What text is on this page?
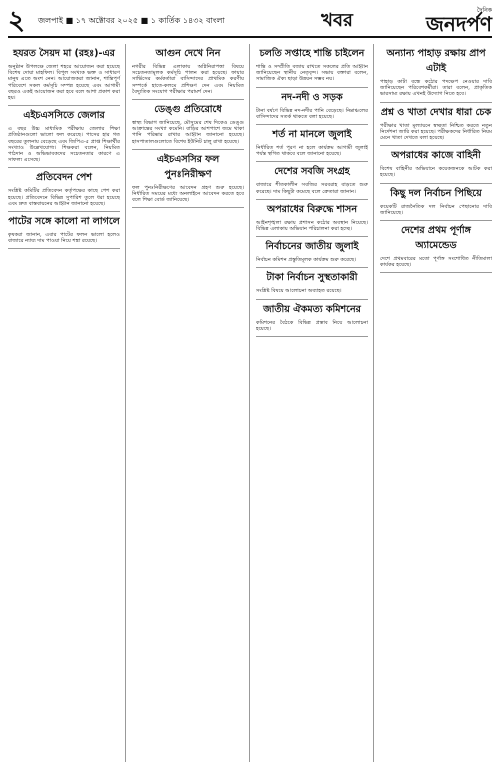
২	জলপাই ■ ১৭ অক্টোবর ২০২৫ ■ ১ কার্তিক ১৪৩২ বাংলা	খবর	দৈনিক
জনদর্পণ
হযরত সৈয়দ মা (রহঃ)-এর

অনুষ্ঠান উপলক্ষে জেলা শহরে আয়োজন করা হয়েছে বিশেষ দোয়া মাহফিল। বিপুল সংখ্যক ভক্ত ও সাধারণ মানুষ এতে অংশ নেন। আয়োজকরা জানান, শান্তিপূর্ণ পরিবেশে সকল কর্মসূচি সম্পন্ন হয়েছে এবং আগামী বছরও একই আয়োজন করা হবে বলে আশা প্রকাশ করা হয়।

এইচএসসিতে জেলার

এ বছর উচ্চ মাধ্যমিক পরীক্ষায় জেলার শিক্ষা প্রতিষ্ঠানগুলো ভালো ফল করেছে। পাসের হার গত বছরের তুলনায় বেড়েছে এবং জিপিএ-৫ প্রাপ্ত শিক্ষার্থীর সংখ্যাও উল্লেখযোগ্য। শিক্ষকরা বলেন, নিয়মিত পাঠদান ও অভিভাবকদের সচেতনতার কারণে এ সাফল্য এসেছে।

প্রতিবেদন পেশ

সংশ্লিষ্ট কমিটির প্রতিবেদন কর্তৃপক্ষের কাছে পেশ করা হয়েছে। প্রতিবেদনে বিভিন্ন সুপারিশ তুলে ধরা হয়েছে এবং দ্রুত বাস্তবায়নের আহ্বান জানানো হয়েছে।

পাটের সঙ্গে কালো না লাগলে

কৃষকরা জানান, এবার পাটের ফলন ভালো হলেও বাজারে ন্যায্য দাম পাওয়া নিয়ে শঙ্কা রয়েছে।

আগুন দেখে নিন

নগরীর বিভিন্ন এলাকায় অগ্নিনিরাপত্তা বিষয়ে সচেতনতামূলক কর্মসূচি পালন করা হয়েছে। ফায়ার সার্ভিসের কর্মকর্তারা বাসিন্দাদের প্রাথমিক করণীয় সম্পর্কে হাতে-কলমে প্রশিক্ষণ দেন এবং নিয়মিত বৈদ্যুতিক সংযোগ পরীক্ষার পরামর্শ দেন।

ডেঙ্গু প্রতিরোধে

স্বাস্থ্য বিভাগ জানিয়েছে, মৌসুমের শেষ দিকেও ডেঙ্গু আক্রান্তের সংখ্যা কমেনি। বাড়ির আশপাশে জমে থাকা পানি পরিষ্কার রাখার আহ্বান জানানো হয়েছে। হাসপাতালগুলোতে বিশেষ ইউনিট চালু রাখা হয়েছে।

এইচএসসির ফল পুনঃনিরীক্ষণ

ফল পুনঃনিরীক্ষণের আবেদন গ্রহণ শুরু হয়েছে। নির্ধারিত সময়ের মধ্যে অনলাইনে আবেদন করতে হবে বলে শিক্ষা বোর্ড জানিয়েছে।

চলতি সপ্তাহে শান্তি চাইলেন

শান্তি ও সম্প্রীতি বজায় রাখতে সকলের প্রতি আহ্বান জানিয়েছেন স্থানীয় নেতৃবৃন্দ। সভায় বক্তারা বলেন, সামাজিক ঐক্য ছাড়া উন্নয়ন সম্ভব নয়।

নদ-নদী ও সড়ক

টানা বর্ষণে বিভিন্ন নদ-নদীর পানি বেড়েছে। নিম্নাঞ্চলের বাসিন্দাদের সতর্ক থাকতে বলা হয়েছে।

শর্ত না মানলে জুলাই

নির্ধারিত শর্ত পূরণ না হলে কার্যক্রম আগামী জুলাই পর্যন্ত স্থগিত থাকবে বলে জানানো হয়েছে।

দেশের সবজি সংগ্রহ

বাজারে শীতকালীন সবজির সরবরাহ বাড়তে শুরু করেছে। দাম কিছুটা কমেছে বলে ক্রেতারা জানান।

অপরাধের বিরুদ্ধে শাসন

আইনশৃঙ্খলা রক্ষায় প্রশাসন কঠোর অবস্থান নিয়েছে। বিভিন্ন এলাকায় অভিযান পরিচালনা করা হচ্ছে।

নির্বাচনের জাতীয় জুলাই

নির্বাচন কমিশন প্রস্তুতিমূলক কার্যক্রম শুরু করেছে।

টাকা নির্বাচন সুস্থতাকারী

সংশ্লিষ্ট বিষয়ে আলোচনা অব্যাহত রয়েছে।

জাতীয় ঐকমত্য কমিশনের

কমিশনের বৈঠকে বিভিন্ন প্রস্তাব নিয়ে আলোচনা হয়েছে।

অন্যান্য পাহাড় রক্ষায় প্রাপ এটাই

পাহাড় কাটা বন্ধে কঠোর পদক্ষেপ নেওয়ার দাবি জানিয়েছেন পরিবেশকর্মীরা। তারা বলেন, প্রাকৃতিক ভারসাম্য রক্ষায় এখনই উদ্যোগ নিতে হবে।

প্রশ্ন ও খাতা দেখার ধারা চেক

পরীক্ষার খাতা মূল্যায়নে স্বচ্ছতা নিশ্চিত করতে নতুন নির্দেশনা জারি করা হয়েছে। পরীক্ষকদের নির্ধারিত নিয়ম মেনে খাতা দেখতে বলা হয়েছে।

অপরাধের কাজে বাহিনী

বিশেষ বাহিনীর অভিযানে কয়েকজনকে আটক করা হয়েছে।

কিছু দল নির্বাচন পিছিয়ে

কয়েকটি রাজনৈতিক দল নির্বাচন পেছানোর দাবি জানিয়েছে।

দেশের প্রথম পূর্ণাঙ্গ অ্যামেন্ডেড

দেশে প্রথমবারের মতো পূর্ণাঙ্গ সংশোধিত নীতিমালা কার্যকর হয়েছে।
